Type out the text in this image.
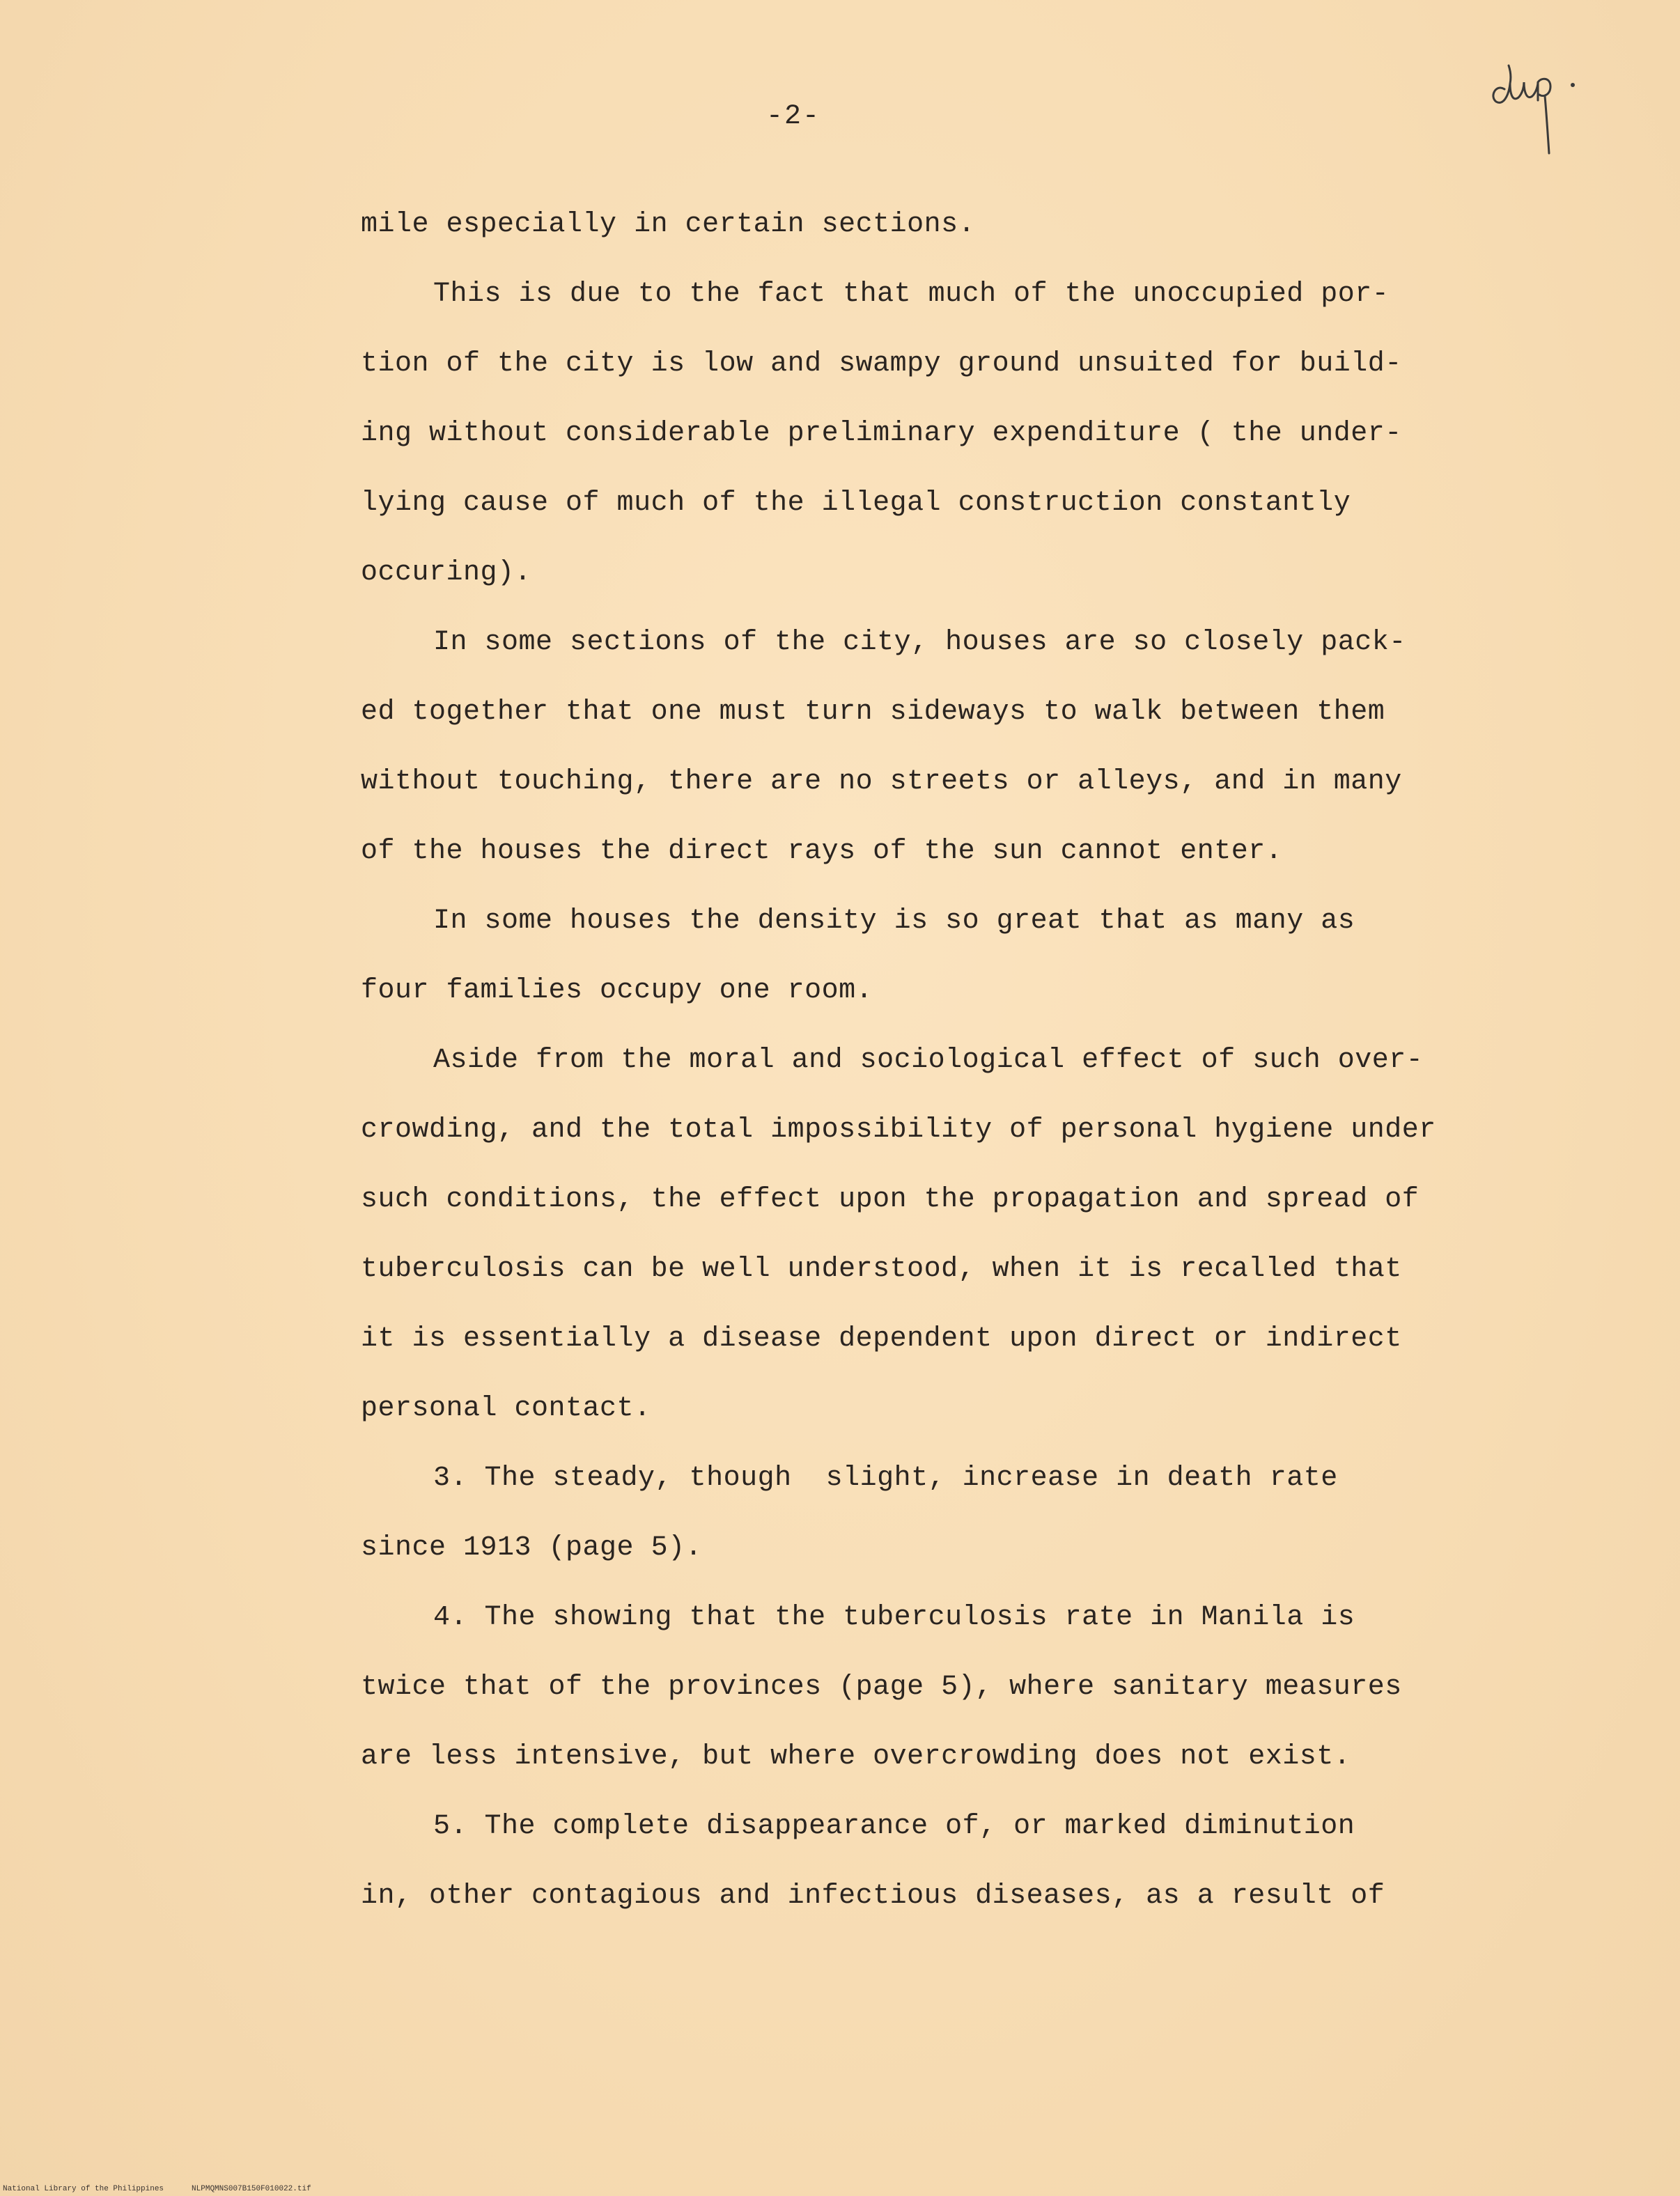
-2-
mile especially in certain sections.
This is due to the fact that much of the unoccupied por-
tion of the city is low and swampy ground unsuited for build-
ing without considerable preliminary expenditure ( the under-
lying cause of much of the illegal construction constantly
occuring).
In some sections of the city, houses are so closely pack-
ed together that one must turn sideways to walk between them
without touching, there are no streets or alleys, and in many
of the houses the direct rays of the sun cannot enter.
In some houses the density is so great that as many as
four families occupy one room.
Aside from the moral and sociological effect of such over-
crowding, and the total impossibility of personal hygiene under
such conditions, the effect upon the propagation and spread of
tuberculosis can be well understood, when it is recalled that
it is essentially a disease dependent upon direct or indirect
personal contact.
3. The steady, though  slight, increase in death rate
since 1913 (page 5).
4. The showing that the tuberculosis rate in Manila is
twice that of the provinces (page 5), where sanitary measures
are less intensive, but where overcrowding does not exist.
5. The complete disappearance of, or marked diminution
in, other contagious and infectious diseases, as a result of
National Library of the Philippines	NLPMQMNS007B150F010022.tif
